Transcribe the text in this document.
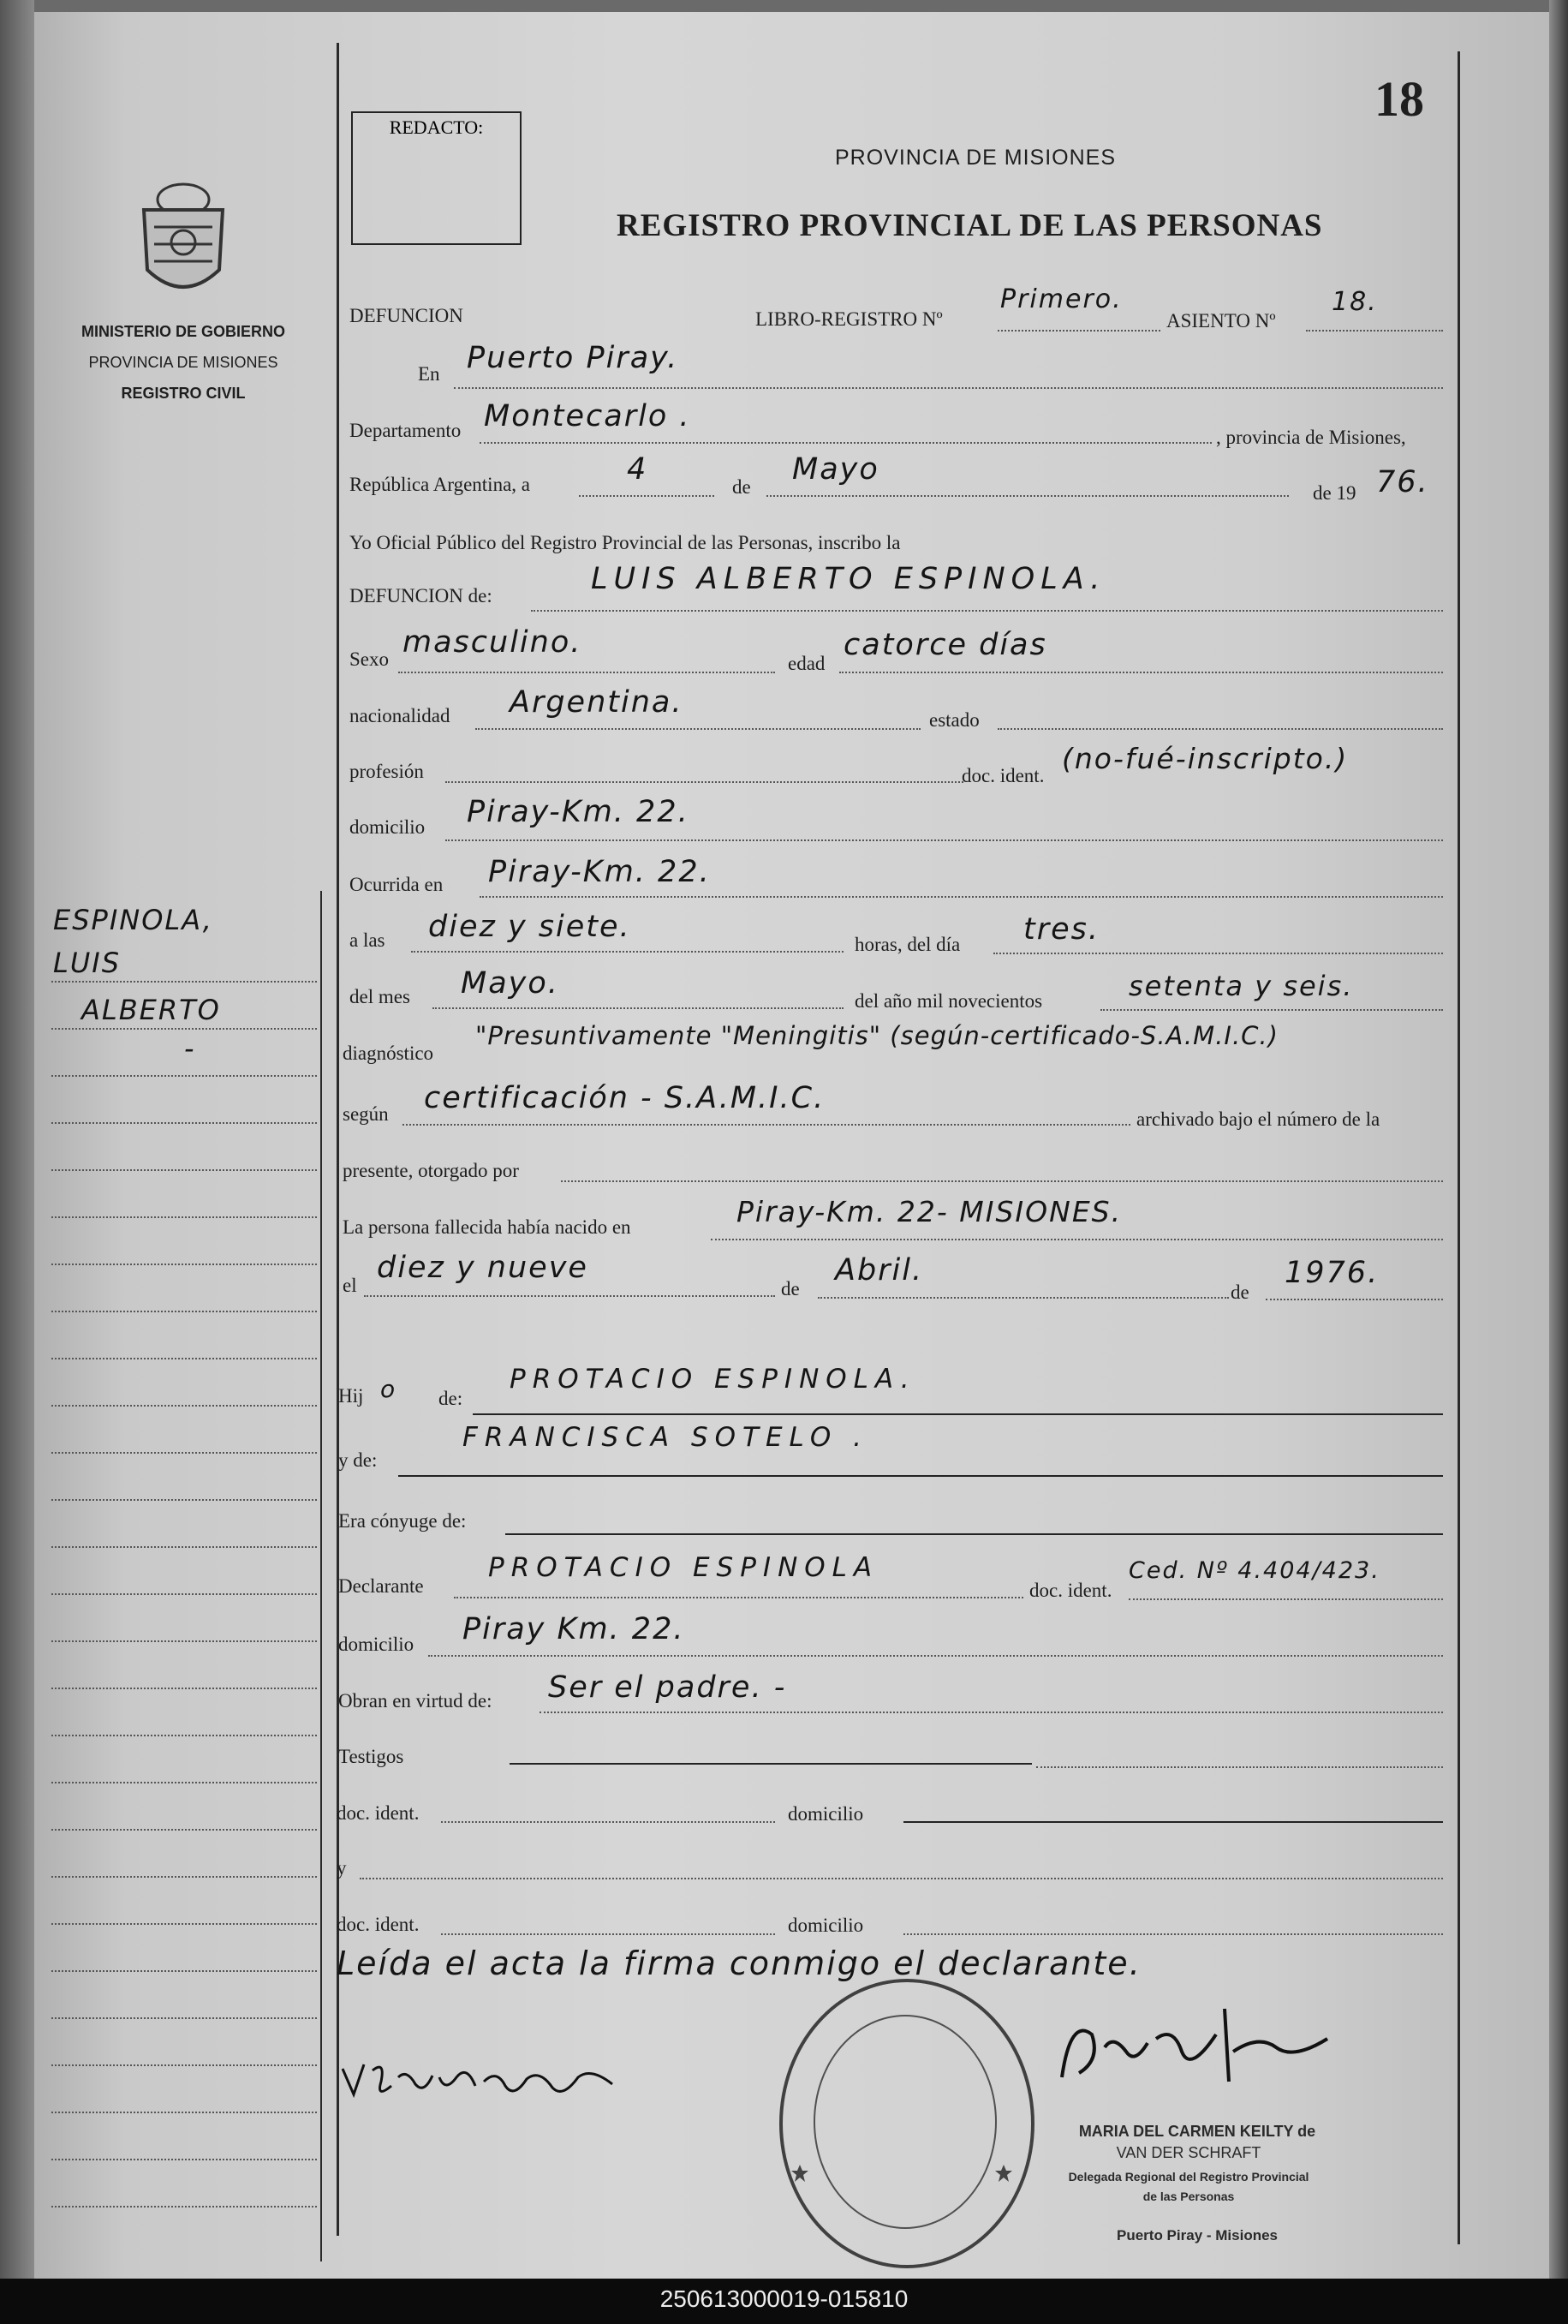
MINISTERIO DE GOBIERNO
PROVINCIA DE MISIONES
REGISTRO CIVIL
ESPINOLA,
LUIS
ALBERTO
-
REDACTO:
18
PROVINCIA DE MISIONES
REGISTRO PROVINCIAL DE LAS PERSONAS
DEFUNCION	LIBRO-REGISTRO Nº
Primero.
ASIENTO Nº
18.
En Puerto Piray.
Departamento Montecarlo .
, provincia de Misiones,
República Argentina, a	4
de
Mayo
de 19 76.
Yo Oficial Público del Registro Provincial de las Personas, inscribo la
DEFUNCION de:	LUIS ALBERTO ESPINOLA.
Sexo masculino.
edad
catorce días
nacionalidad Argentina.
estado
profesión	doc. ident.
(no-fué-inscripto.)
domicilio Piray-Km. 22.
Ocurrida en Piray-Km. 22.
a las diez y siete.
horas, del día tres.
del mes Mayo.
del año mil novecientos	setenta y seis.
diagnóstico
"Presuntivamente "Meningitis" (según-certificado-S.A.M.I.C.)
según certificación - S.A.M.I.C.
archivado bajo el número de la
presente, otorgado por
La persona fallecida había nacido en	Piray-Km. 22- MISIONES.
el
diez y nueve
de
Abril.
de
1976.
Hij o de:
PROTACIO ESPINOLA.
y de:
FRANCISCA SOTELO .
Era cónyuge de:
Declarante
PROTACIO ESPINOLA
doc. ident.
Ced. Nº 4.404/423.
domicilio Piray Km. 22.
Obran en virtud de: Ser el padre. -
Testigos
doc. ident.	domicilio
y
doc. ident.	domicilio
Leída el acta la firma conmigo el declarante.
MARIA DEL CARMEN KEILTY de
VAN DER SCHRAFT
Delegada Regional del Registro Provincial
de las Personas
Puerto Piray - Misiones
250613000019-015810
